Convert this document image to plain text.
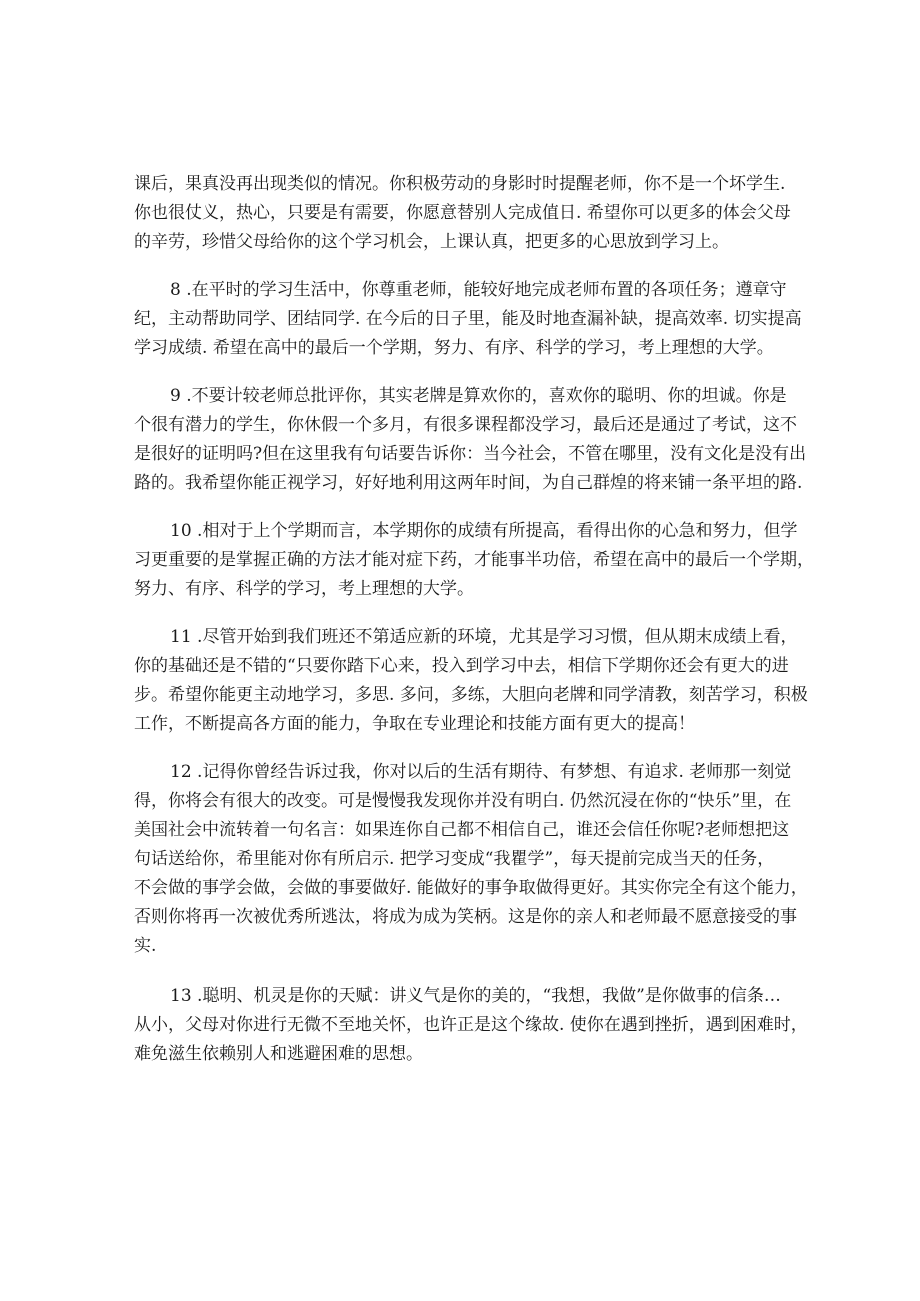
课后，果真没再出现类似的情况。你积极劳动的身影时时提醒老师，你不是一个坏学生.
你也很仗义，热心，只要是有需要，你愿意替别人完成值日. 希望你可以更多的体会父母
的辛劳，珍惜父母给你的这个学习机会，上课认真，把更多的心思放到学习上。
8 .在平时的学习生活中，你尊重老师，能较好地完成老师布置的各项任务；遵章守
纪，主动帮助同学、团结同学. 在今后的日子里，能及时地查漏补缺，提高效率. 切实提高
学习成绩. 希望在高中的最后一个学期，努力、有序、科学的学习，考上理想的大学。
9 .不要计较老师总批评你，其实老牌是算欢你的，喜欢你的聪明、你的坦诚。你是
个很有潜力的学生，你休假一个多月，有很多课程都没学习，最后还是通过了考试，这不
是很好的证明吗?但在这里我有句话要告诉你：当今社会，不管在哪里，没有文化是没有出
路的。我希望你能正视学习，好好地利用这两年时间，为自己群煌的将来铺一条平坦的路.
10 .相对于上个学期而言，本学期你的成绩有所提高，看得出你的心急和努力，但学
习更重要的是掌握正确的方法才能对症下药，才能事半功倍，希望在高中的最后一个学期，
努力、有序、科学的学习，考上理想的大学。
11 .尽管开始到我们班还不第适应新的环境，尤其是学习习惯，但从期末成绩上看，
你的基础还是不错的“只要你踏下心来，投入到学习中去，相信下学期你还会有更大的进
步。希望你能更主动地学习，多思. 多问，多练，大胆向老牌和同学清教，刻苦学习，积极
工作，不断提高各方面的能力，争取在专业理论和技能方面有更大的提高！
12 .记得你曾经告诉过我，你对以后的生活有期待、有梦想、有追求. 老师那一刻觉
得，你将会有很大的改变。可是慢慢我发现你并没有明白. 仍然沉浸在你的“快乐”里，在
美国社会中流转着一句名言：如果连你自己都不相信自己，谁还会信任你呢?老师想把这
句话送给你，希里能对你有所启示. 把学习变成“我瞿学”，每天提前完成当天的任务，
不会做的事学会做，会做的事要做好. 能做好的事争取做得更好。其实你完全有这个能力，
否则你将再一次被优秀所逃汰，将成为成为笑柄。这是你的亲人和老师最不愿意接受的事
实.
13 .聪明、机灵是你的天赋：讲义气是你的美的，“我想，我做”是你做事的信条…
从小，父母对你进行无微不至地关怀，也许正是这个缘故. 使你在遇到挫折，遇到困难时，
难免滋生依赖别人和逃避困难的思想。
